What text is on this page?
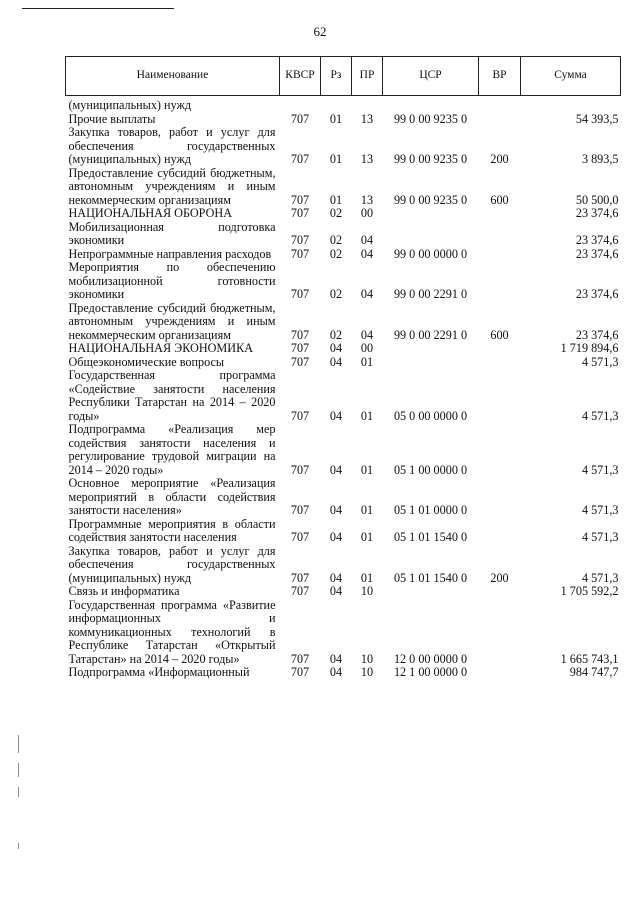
62
Наименование	КВСР	Рз	ПР	ЦСР	ВР	Сумма
(муниципальных) нужд						
Прочие выплаты	707	01	13	99 0 00 9235 0		54 393,5
Закупка товаров, работ и услуг для обеспечения государственных (муниципальных) нужд	707	01	13	99 0 00 9235 0	200	3 893,5
Предоставление субсидий бюджетным, автономным учреждениям и иным некоммерческим организациям	707	01	13	99 0 00 9235 0	600	50 500,0
НАЦИОНАЛЬНАЯ ОБОРОНА	707	02	00			23 374,6
Мобилизационная подготовка экономики	707	02	04			23 374,6
Непрограммные направления расходов	707	02	04	99 0 00 0000 0		23 374,6
Мероприятия по обеспечению мобилизационной готовности экономики	707	02	04	99 0 00 2291 0		23 374,6
Предоставление субсидий бюджетным, автономным учреждениям и иным некоммерческим организациям	707	02	04	99 0 00 2291 0	600	23 374,6
НАЦИОНАЛЬНАЯ ЭКОНОМИКА	707	04	00			1 719 894,6
Общеэкономические вопросы	707	04	01			4 571,3
Государственная программа «Содействие занятости населения Республики Татарстан на 2014 – 2020 годы»	707	04	01	05 0 00 0000 0		4 571,3
Подпрограмма «Реализация мер содействия занятости населения и регулирование трудовой миграции на 2014 – 2020 годы»	707	04	01	05 1 00 0000 0		4 571,3
Основное мероприятие «Реализация мероприятий в области содействия занятости населения»	707	04	01	05 1 01 0000 0		4 571,3
Программные мероприятия в области содействия занятости населения	707	04	01	05 1 01 1540 0		4 571,3
Закупка товаров, работ и услуг для обеспечения государственных (муниципальных) нужд	707	04	01	05 1 01 1540 0	200	4 571,3
Связь и информатика	707	04	10			1 705 592,2
Государственная программа «Развитие информационных и коммуникационных технологий в Республике Татарстан «Открытый Татарстан» на 2014 – 2020 годы»	707	04	10	12 0 00 0000 0		1 665 743,1
Подпрограмма «Информационный	707	04	10	12 1 00 0000 0		984 747,7
